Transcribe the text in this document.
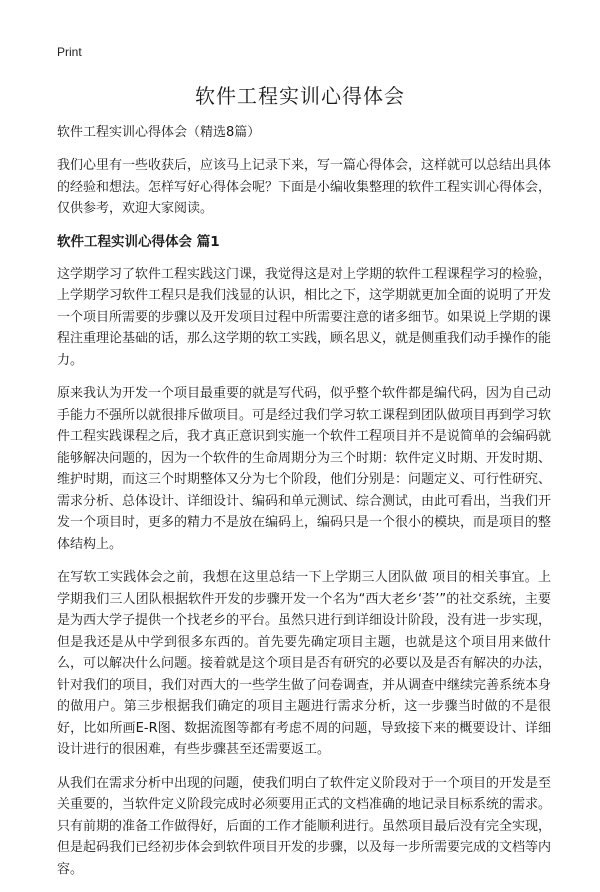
Print
软件工程实训心得体会

软件工程实训心得体会（精选8篇）

我们心里有一些收获后，应该马上记录下来，写一篇心得体会，这样就可以总结出具体的经验和想法。怎样写好心得体会呢？下面是小编收集整理的软件工程实训心得体会，仅供参考，欢迎大家阅读。

软件工程实训心得体会 篇1

这学期学习了软件工程实践这门课，我觉得这是对上学期的软件工程课程学习的检验，上学期学习软件工程只是我们浅显的认识，相比之下，这学期就更加全面的说明了开发一个项目所需要的步骤以及开发项目过程中所需要注意的诸多细节。如果说上学期的课程注重理论基础的话，那么这学期的软工实践，顾名思义，就是侧重我们动手操作的能力。

原来我认为开发一个项目最重要的就是写代码，似乎整个软件都是编代码，因为自己动手能力不强所以就很排斥做项目。可是经过我们学习软工课程到团队做项目再到学习软件工程实践课程之后，我才真正意识到实施一个软件工程项目并不是说简单的会编码就能够解决问题的，因为一个软件的生命周期分为三个时期：软件定义时期、开发时期、维护时期，而这三个时期整体又分为七个阶段，他们分别是：问题定义、可行性研究、需求分析、总体设计、详细设计、编码和单元测试、综合测试，由此可看出，当我们开发一个项目时，更多的精力不是放在编码上，编码只是一个很小的模块，而是项目的整体结构上。

在写软工实践体会之前，我想在这里总结一下上学期三人团队做 项目的相关事宜。上学期我们三人团队根据软件开发的步骤开发一个名为“西大老乡‘荟’”的社交系统，主要是为西大学子提供一个找老乡的平台。虽然只进行到详细设计阶段，没有进一步实现，但是我还是从中学到很多东西的。首先要先确定项目主题，也就是这个项目用来做什么，可以解决什么问题。接着就是这个项目是否有研究的必要以及是否有解决的办法，针对我们的项目，我们对西大的一些学生做了问卷调查，并从调查中继续完善系统本身的做用户。第三步根据我们确定的项目主题进行需求分析，这一步骤当时做的不是很好，比如所画E-R图、数据流图等都有考虑不周的问题，导致接下来的概要设计、详细设计进行的很困难，有些步骤甚至还需要返工。

从我们在需求分析中出现的问题，使我们明白了软件定义阶段对于一个项目的开发是至关重要的，当软件定义阶段完成时必须要用正式的文档准确的地记录目标系统的需求。只有前期的准备工作做得好，后面的工作才能顺利进行。虽然项目最后没有完全实现，但是起码我们已经初步体会到软件项目开发的步骤，以及每一步所需要完成的文档等内容。
